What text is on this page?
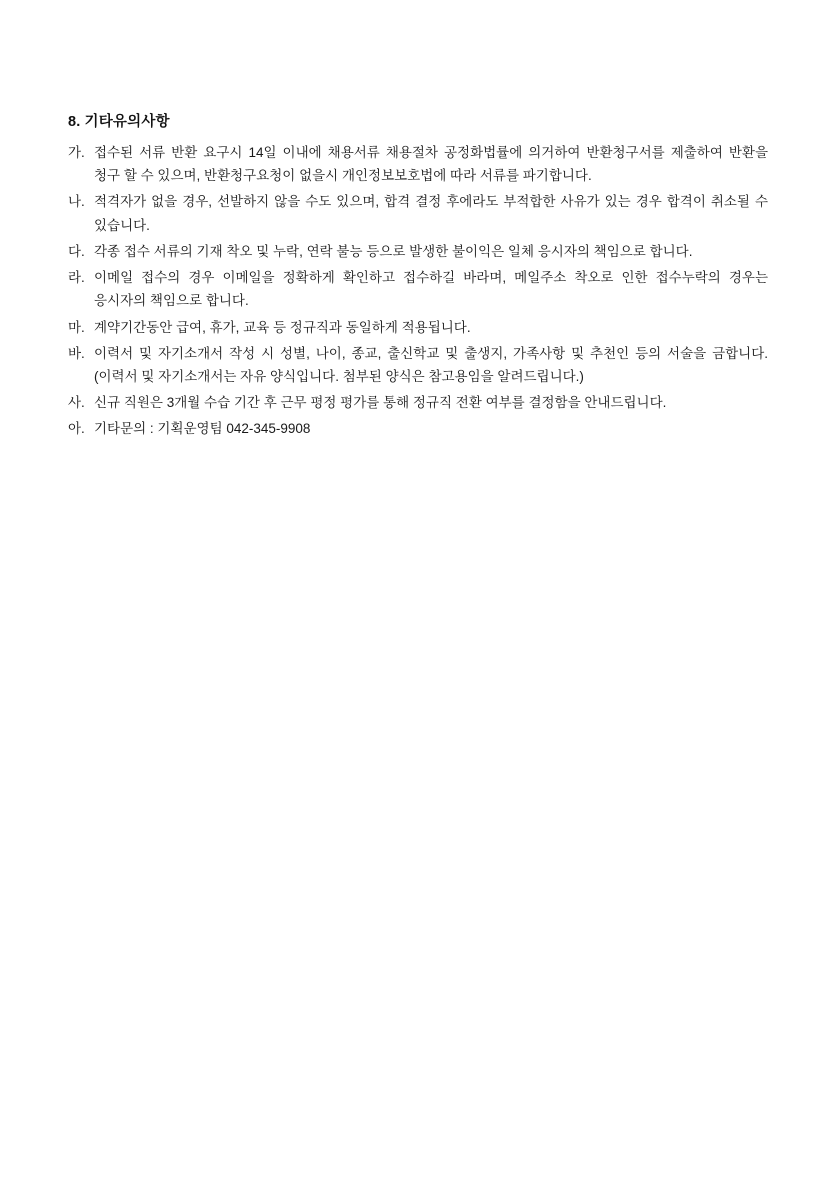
8. 기타유의사항
가. 접수된 서류 반환 요구시 14일 이내에 채용서류 채용절차 공정화법률에 의거하여 반환청구서를 제출하여 반환을 청구 할 수 있으며, 반환청구요청이 없을시 개인정보보호법에 따라 서류를 파기합니다.
나. 적격자가 없을 경우, 선발하지 않을 수도 있으며, 합격 결정 후에라도 부적합한 사유가 있는 경우 합격이 취소될 수 있습니다.
다. 각종 접수 서류의 기재 착오 및 누락, 연락 불능 등으로 발생한 불이익은 일체 응시자의 책임으로 합니다.
라. 이메일 접수의 경우 이메일을 정확하게 확인하고 접수하길 바라며, 메일주소 착오로 인한 접수누락의 경우는 응시자의 책임으로 합니다.
마. 계약기간동안 급여, 휴가, 교육 등 정규직과 동일하게 적용됩니다.
바. 이력서 및 자기소개서 작성 시 성별, 나이, 종교, 출신학교 및 출생지, 가족사항 및 추천인 등의 서술을 금합니다.(이력서 및 자기소개서는 자유 양식입니다. 첨부된 양식은 참고용임을 알려드립니다.)
사. 신규 직원은 3개월 수습 기간 후 근무 평정 평가를 통해 정규직 전환 여부를 결정함을 안내드립니다.
아. 기타문의 : 기획운영팀 042-345-9908
